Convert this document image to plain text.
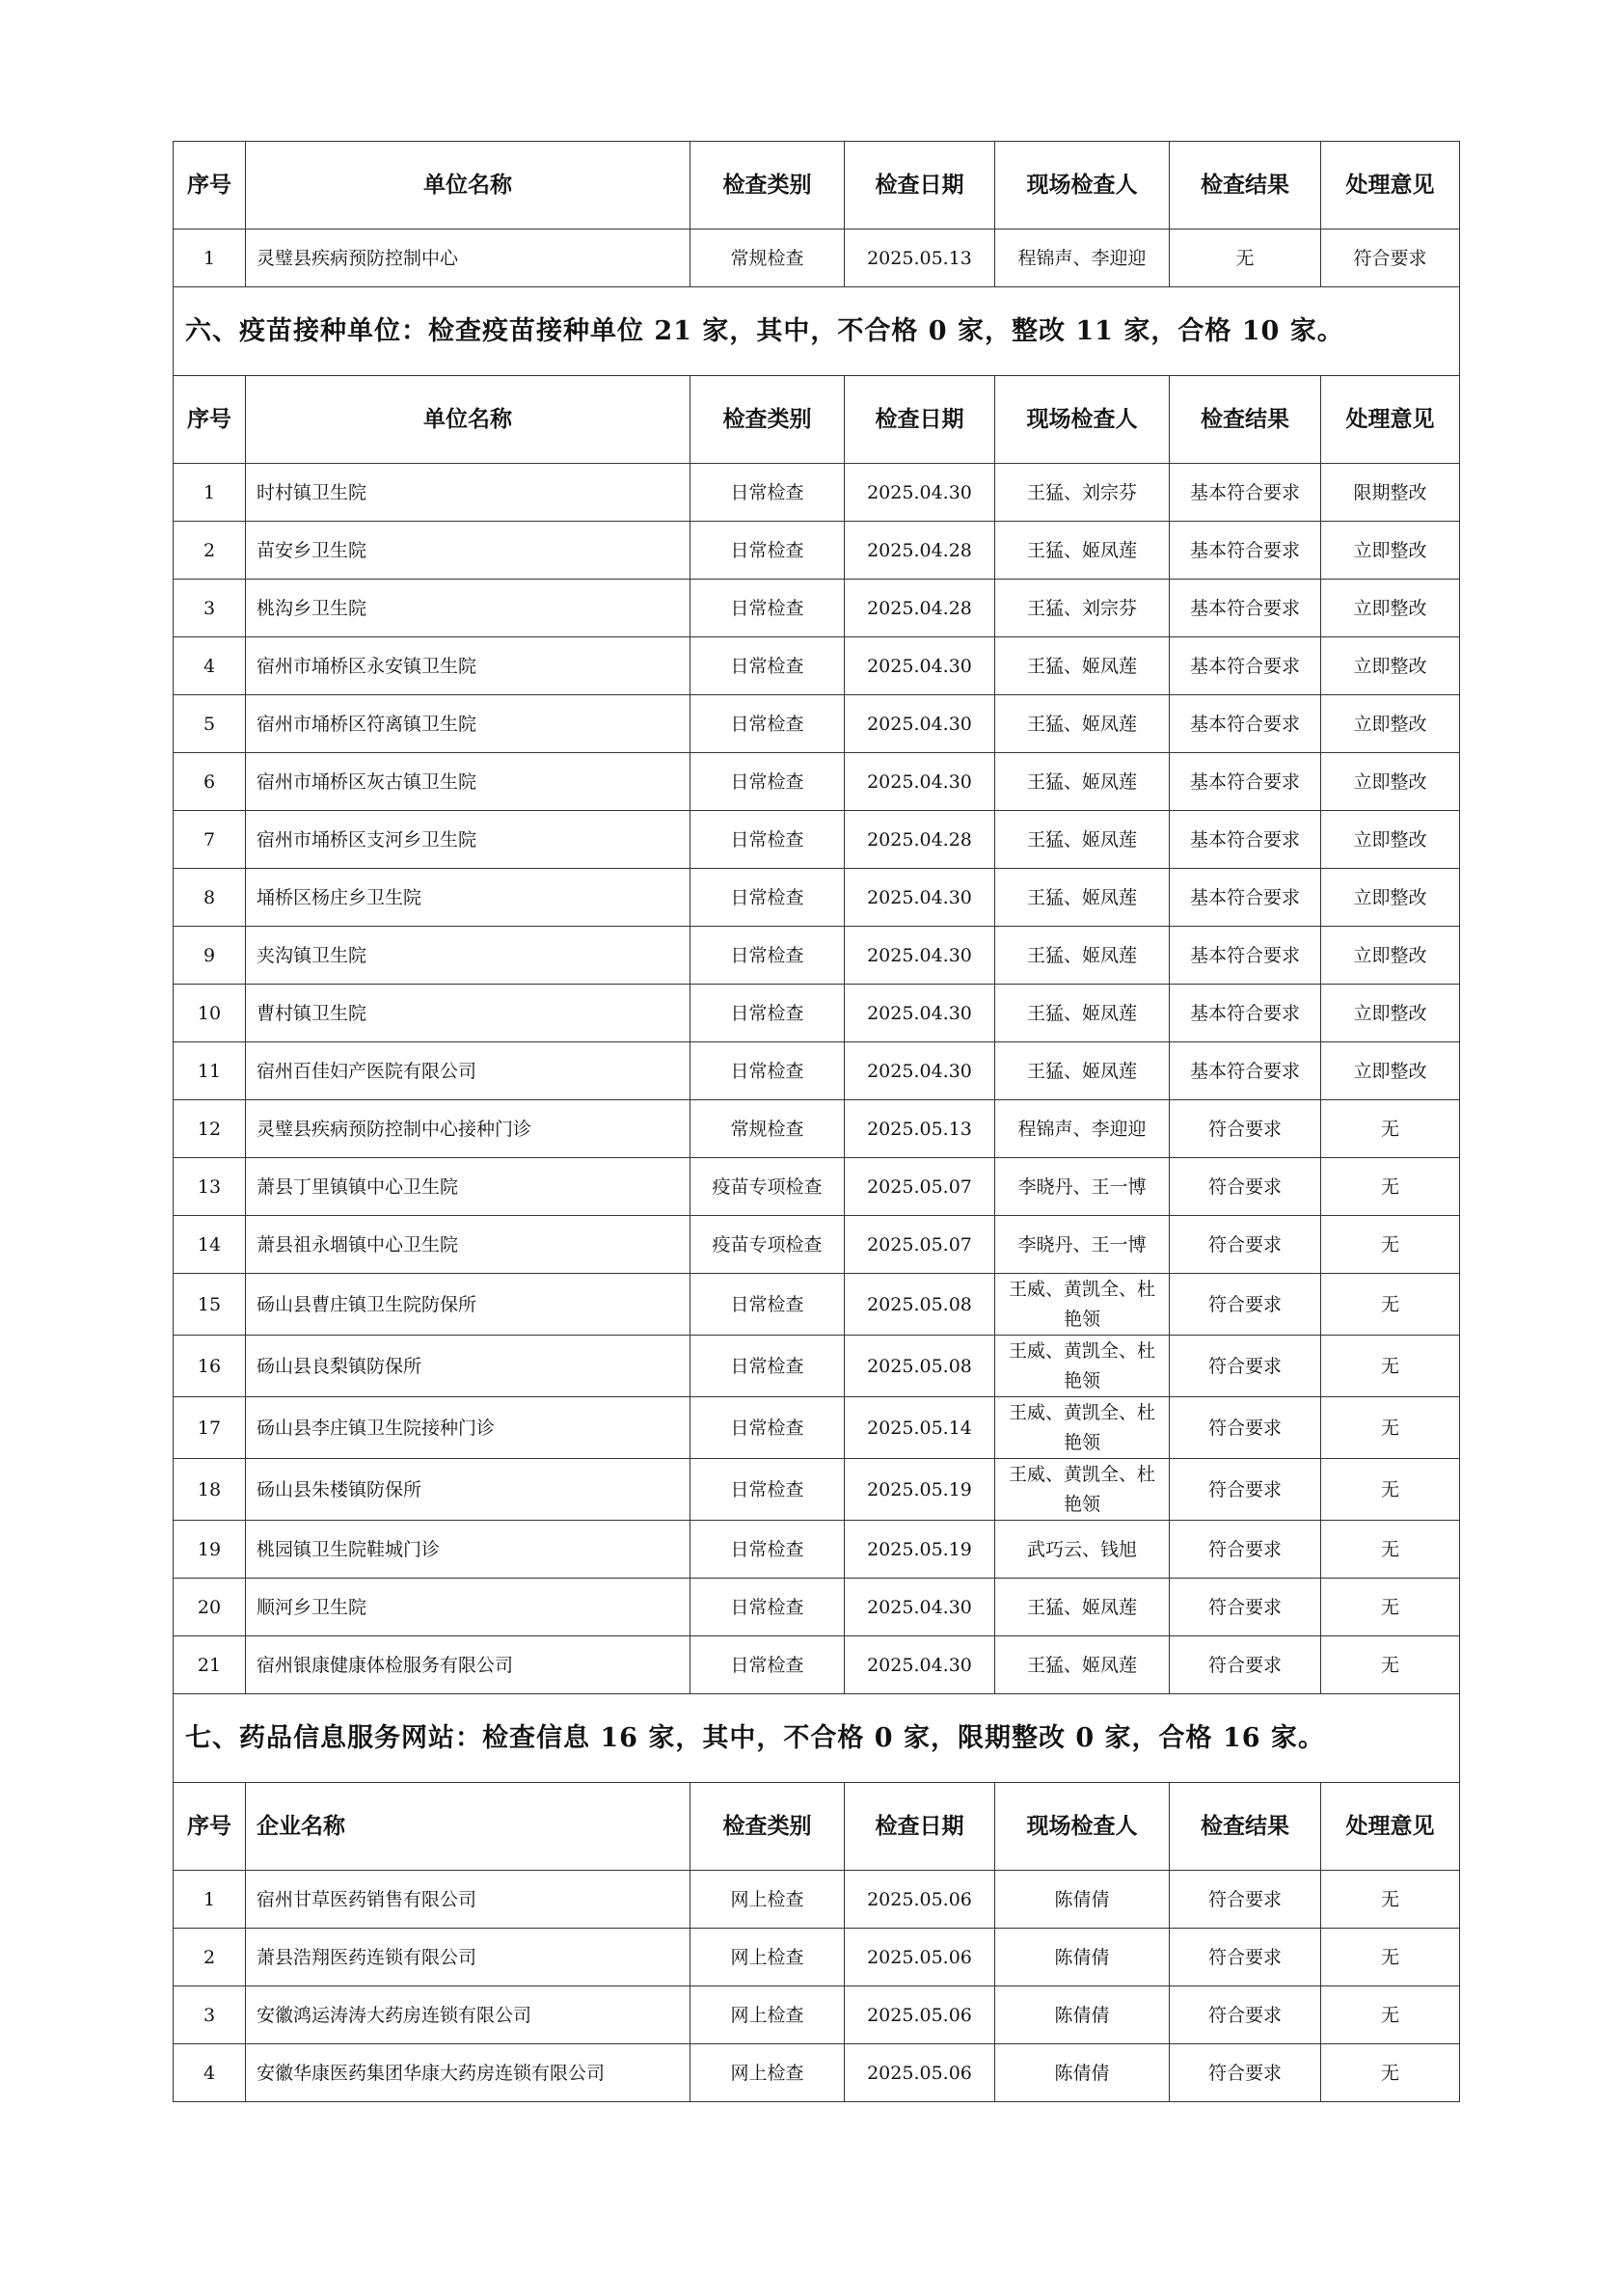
序号	单位名称	检查类别	检查日期	现场检查人	检查结果	处理意见
1	灵璧县疾病预防控制中心	常规检查	2025.05.13	程锦声、李迎迎	无	符合要求
六、疫苗接种单位：检查疫苗接种单位 21 家，其中，不合格 0 家，整改 11 家，合格 10 家。						
序号	单位名称	检查类别	检查日期	现场检查人	检查结果	处理意见
1	时村镇卫生院	日常检查	2025.04.30	王猛、刘宗芬	基本符合要求	限期整改
2	苗安乡卫生院	日常检查	2025.04.28	王猛、姬凤莲	基本符合要求	立即整改
3	桃沟乡卫生院	日常检查	2025.04.28	王猛、刘宗芬	基本符合要求	立即整改
4	宿州市埇桥区永安镇卫生院	日常检查	2025.04.30	王猛、姬凤莲	基本符合要求	立即整改
5	宿州市埇桥区符离镇卫生院	日常检查	2025.04.30	王猛、姬凤莲	基本符合要求	立即整改
6	宿州市埇桥区灰古镇卫生院	日常检查	2025.04.30	王猛、姬凤莲	基本符合要求	立即整改
7	宿州市埇桥区支河乡卫生院	日常检查	2025.04.28	王猛、姬凤莲	基本符合要求	立即整改
8	埇桥区杨庄乡卫生院	日常检查	2025.04.30	王猛、姬凤莲	基本符合要求	立即整改
9	夹沟镇卫生院	日常检查	2025.04.30	王猛、姬凤莲	基本符合要求	立即整改
10	曹村镇卫生院	日常检查	2025.04.30	王猛、姬凤莲	基本符合要求	立即整改
11	宿州百佳妇产医院有限公司	日常检查	2025.04.30	王猛、姬凤莲	基本符合要求	立即整改
12	灵璧县疾病预防控制中心接种门诊	常规检查	2025.05.13	程锦声、李迎迎	符合要求	无
13	萧县丁里镇镇中心卫生院	疫苗专项检查	2025.05.07	李晓丹、王一博	符合要求	无
14	萧县祖永堌镇中心卫生院	疫苗专项检查	2025.05.07	李晓丹、王一博	符合要求	无
15	砀山县曹庄镇卫生院防保所	日常检查	2025.05.08	王威、黄凯全、杜艳领	符合要求	无
16	砀山县良梨镇防保所	日常检查	2025.05.08	王威、黄凯全、杜艳领	符合要求	无
17	砀山县李庄镇卫生院接种门诊	日常检查	2025.05.14	王威、黄凯全、杜艳领	符合要求	无
18	砀山县朱楼镇防保所	日常检查	2025.05.19	王威、黄凯全、杜艳领	符合要求	无
19	桃园镇卫生院鞋城门诊	日常检查	2025.05.19	武巧云、钱旭	符合要求	无
20	顺河乡卫生院	日常检查	2025.04.30	王猛、姬凤莲	符合要求	无
21	宿州银康健康体检服务有限公司	日常检查	2025.04.30	王猛、姬凤莲	符合要求	无
七、药品信息服务网站：检查信息 16 家，其中，不合格 0 家，限期整改 0 家，合格 16 家。						
序号	企业名称	检查类别	检查日期	现场检查人	检查结果	处理意见
1	宿州甘草医药销售有限公司	网上检查	2025.05.06	陈倩倩	符合要求	无
2	萧县浩翔医药连锁有限公司	网上检查	2025.05.06	陈倩倩	符合要求	无
3	安徽鸿运涛涛大药房连锁有限公司	网上检查	2025.05.06	陈倩倩	符合要求	无
4	安徽华康医药集团华康大药房连锁有限公司	网上检查	2025.05.06	陈倩倩	符合要求	无
